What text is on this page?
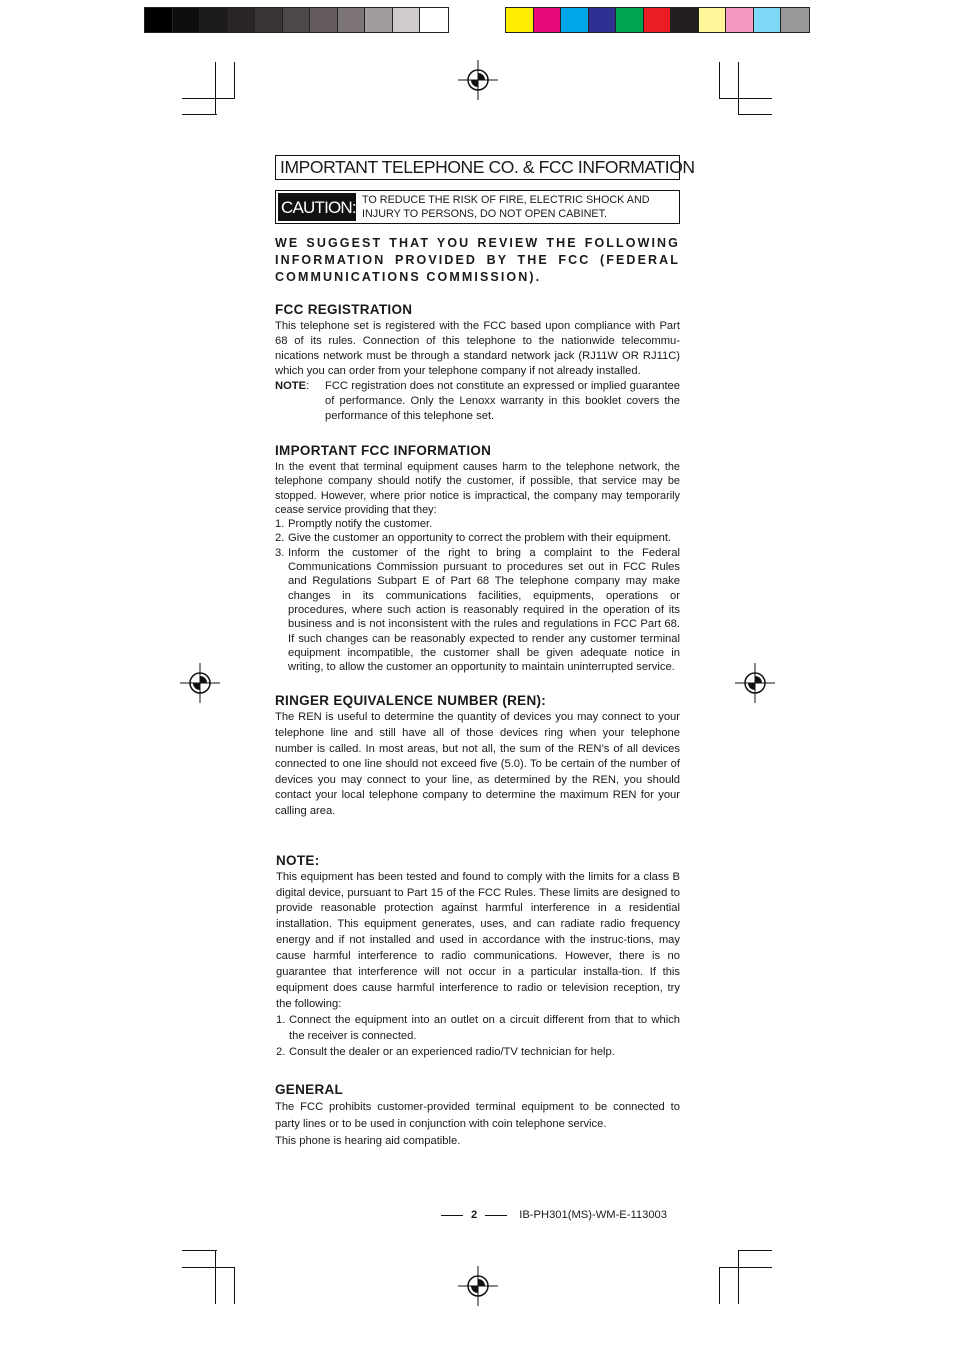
IMPORTANT TELEPHONE CO. & FCC INFORMATION
CAUTION: TO REDUCE THE RISK OF FIRE, ELECTRIC SHOCK AND
INJURY TO PERSONS, DO NOT OPEN CABINET.
WE SUGGEST THAT YOU REVIEW THE FOLLOWING INFORMATION PROVIDED BY THE FCC (FEDERAL COMMUNICATIONS COMMISSION).
FCC REGISTRATION

This telephone set is registered with the FCC based upon compliance with Part 68 of its rules. Connection of this telephone to the nationwide telecommu-nications network must be through a standard network jack (RJ11W OR RJ11C) which you can order from your telephone company if not already installed.

NOTE:	FCC registration does not constitute an expressed or implied guarantee of performance. Only the Lenoxx warranty in this booklet covers the performance of this telephone set.

IMPORTANT FCC INFORMATION

In the event that terminal equipment causes harm to the telephone network, the telephone company should notify the customer, if possible, that service may be stopped. However, where prior notice is impractical, the company may temporarily cease service providing that they:

1. Promptly notify the customer.
2. Give the customer an opportunity to correct the problem with their equipment.
3. Inform the customer of the right to bring a complaint to the Federal Communications Commission pursuant to procedures set out in FCC Rules and Regulations Subpart E of Part 68 The telephone company may make changes in its communications facilities, equipments, operations or procedures, where such action is reasonably required in the operation of its business and is not inconsistent with the rules and regulations in FCC Part 68. If such changes can be reasonably expected to render any customer terminal equipment incompatible, the customer shall be given adequate notice in writing, to allow the customer an opportunity to maintain uninterrupted service.
RINGER EQUIVALENCE NUMBER (REN):

The REN is useful to determine the quantity of devices you may connect to your telephone line and still have all of those devices ring when your telephone number is called. In most areas, but not all, the sum of the REN’s of all devices connected to one line should not exceed five (5.0). To be certain of the number of devices you may connect to your line, as determined by the REN, you should contact your local telephone company to determine the maximum REN for your calling area.

NOTE:

This equipment has been tested and found to comply with the limits for a class B digital device, pursuant to Part 15 of the FCC Rules. These limits are designed to provide reasonable protection against harmful interference in a residential installation. This equipment generates, uses, and can radiate radio frequency energy and if not installed and used in accordance with the instruc-tions, may cause harmful interference to radio communications. However, there is no guarantee that interference will not occur in a particular installa-tion. If this equipment does cause harmful interference to radio or television reception, try the following:

1. Connect the equipment into an outlet on a circuit different from that to which the receiver is connected.
2. Consult the dealer or an experienced radio/TV technician for help.
GENERAL

The FCC prohibits customer-provided terminal equipment to be connected to party lines or to be used in conjunction with coin telephone service.

This phone is hearing aid compatible.

2	IB-PH301(MS)-WM-E-113003
